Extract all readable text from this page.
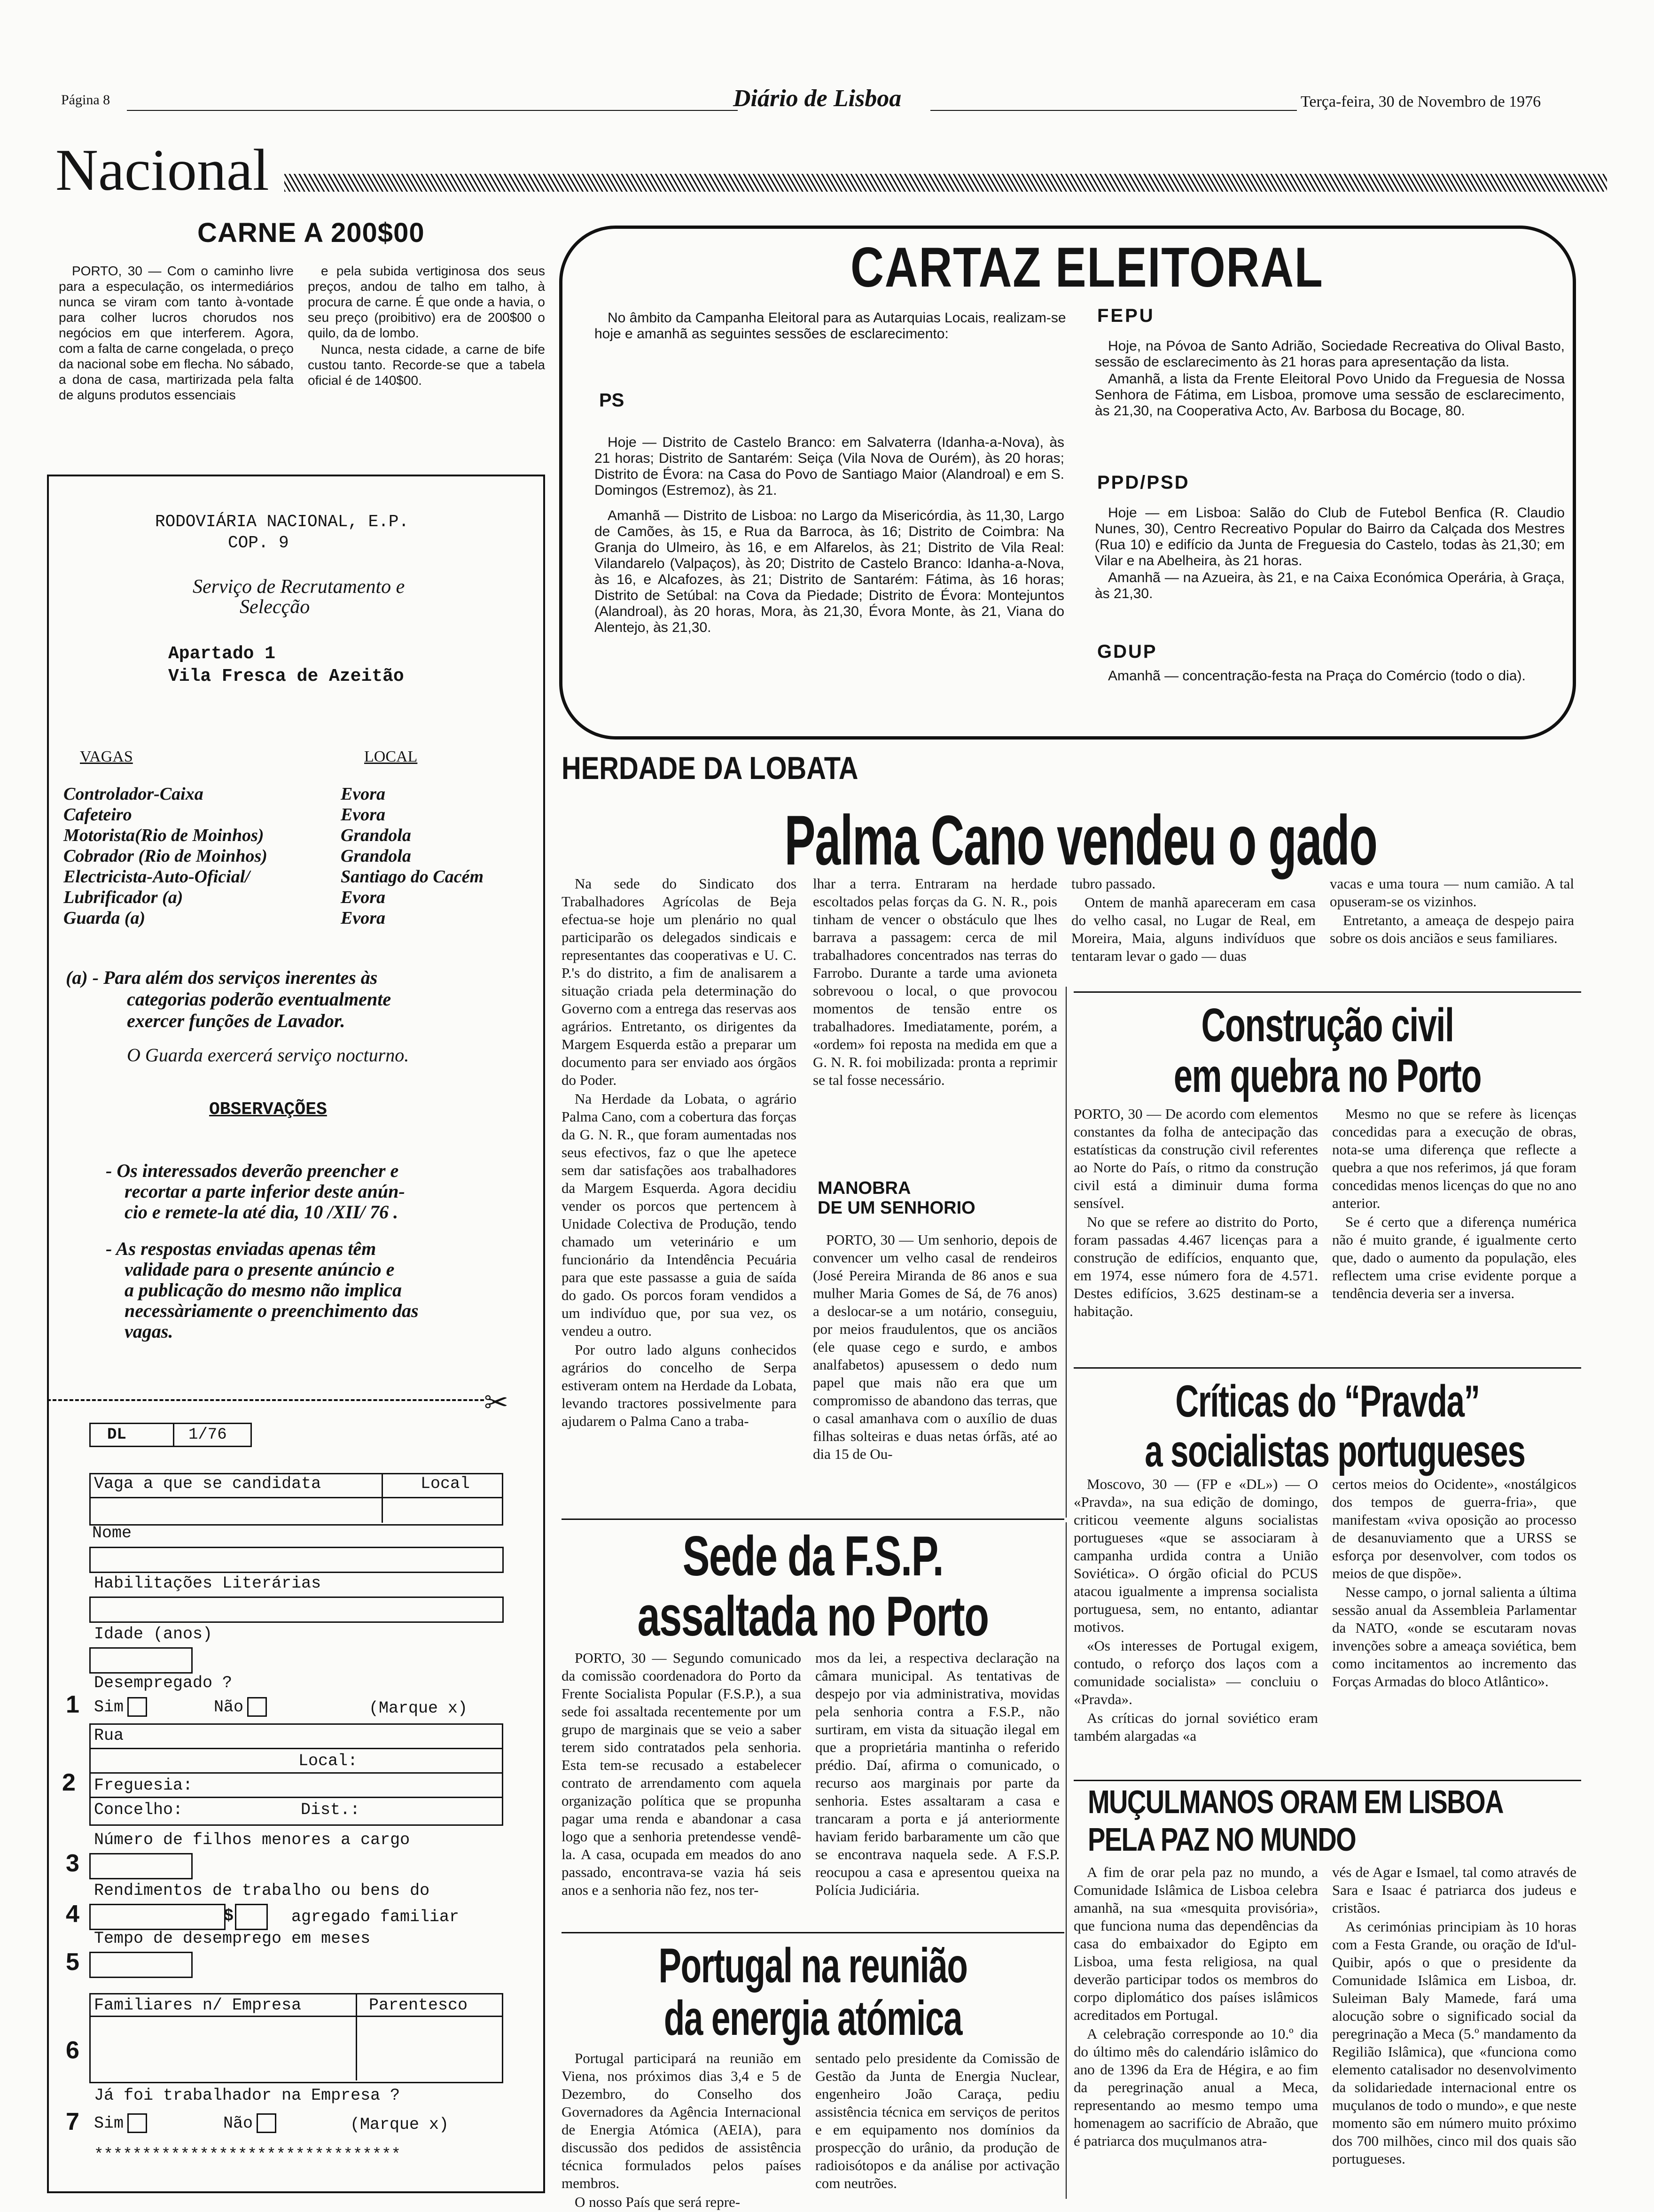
Página 8	Diário de Lisboa	Terça-feira, 30 de Novembro de 1976
Nacional
CARNE A 200$00

PORTO, 30 — Com o caminho livre para a especulação, os intermediários nunca se viram com tanto à-vontade para colher lucros chorudos nos negócios em que interferem. Agora, com a falta de carne congelada, o preço da nacional sobe em flecha. No sábado, a dona de casa, martirizada pela falta de alguns produtos essenciais

e pela subida vertiginosa dos seus preços, andou de talho em talho, à procura de carne. É que onde a havia, o seu preço (proibitivo) era de 200$00 o quilo, da de lombo.

Nunca, nesta cidade, a carne de bife custou tanto. Recorde-se que a tabela oficial é de 140$00.

RODOVIÁRIA NACIONAL, E.P.
COP. 9
Serviço de Recrutamento e
Selecção
Apartado 1
Vila Fresca de Azeitão
VAGAS	LOCAL
Controlador-Caixa	Evora
Cafeteiro	Evora
Motorista(Rio de Moinhos)	Grandola
Cobrador (Rio de Moinhos)	Grandola
Electricista-Auto-Oficial/	Santiago do Cacém
Lubrificador (a)	Evora
Guarda (a)	Evora
(a) - Para além dos serviços inerentes às
categorias poderão eventualmente
exercer funções de Lavador.
O Guarda exercerá serviço nocturno.
OBSERVAÇÕES
- Os interessados deverão preencher e
recortar a parte inferior deste anún-
cio e remete-la até dia, 10 /XII/ 76 .
- As respostas enviadas apenas têm
validade para o presente anúncio e
a publicação do mesmo não implica
necessàriamente o preenchimento das
vagas.
✂
DL	1/76
Vaga a que se candidata	Local
Nome
Habilitações Literárias
Idade (anos)
Desempregado ?
1 Sim	Não	(Marque x)
Rua
Local:
2 Freguesia:
Concelho:	Dist.:
Número de filhos menores a cargo
3
Rendimentos de trabalho ou bens do
4	$	agregado familiar
Tempo de desemprego em meses
5
Familiares n/ Empresa	Parentesco
6
Já foi trabalhador na Empresa ?
7 Sim	Não	(Marque x)
********************************
CARTAZ ELEITORAL

No âmbito da Campanha Eleitoral para as Autarquias Locais, realizam-se hoje e amanhã as seguintes sessões de esclarecimento:

PS

Hoje — Distrito de Castelo Branco: em Salvaterra (Idanha-a-Nova), às 21 horas; Distrito de Santarém: Seiça (Vila Nova de Ourém), às 20 horas; Distrito de Évora: na Casa do Povo de Santiago Maior (Alandroal) e em S. Domingos (Estremoz), às 21.

Amanhã — Distrito de Lisboa: no Largo da Misericórdia, às 11,30, Largo de Camões, às 15, e Rua da Barroca, às 16; Distrito de Coimbra: Na Granja do Ulmeiro, às 16, e em Alfarelos, às 21; Distrito de Vila Real: Vilandarelo (Valpaços), às 20; Distrito de Castelo Branco: Idanha-a-Nova, às 16, e Alcafozes, às 21; Distrito de Santarém: Fátima, às 16 horas; Distrito de Setúbal: na Cova da Piedade; Distrito de Évora: Montejuntos (Alandroal), às 20 horas, Mora, às 21,30, Évora Monte, às 21, Viana do Alentejo, às 21,30.

FEPU

Hoje, na Póvoa de Santo Adrião, Sociedade Recreativa do Olival Basto, sessão de esclarecimento às 21 horas para apresentação da lista.

Amanhã, a lista da Frente Eleitoral Povo Unido da Freguesia de Nossa Senhora de Fátima, em Lisboa, promove uma sessão de esclarecimento, às 21,30, na Cooperativa Acto, Av. Barbosa du Bocage, 80.

PPD/PSD

Hoje — em Lisboa: Salão do Club de Futebol Benfica (R. Claudio Nunes, 30), Centro Recreativo Popular do Bairro da Calçada dos Mestres (Rua 10) e edifício da Junta de Freguesia do Castelo, todas às 21,30; em Vilar e na Abelheira, às 21 horas.

Amanhã — na Azueira, às 21, e na Caixa Económica Operária, à Graça, às 21,30.

GDUP

Amanhã — concentração-festa na Praça do Comércio (todo o dia).

HERDADE DA LOBATA
Palma Cano vendeu o gado

Na sede do Sindicato dos Trabalhadores Agrícolas de Beja efectua-se hoje um plenário no qual participarão os delegados sindicais e representantes das cooperativas e U. C. P.'s do distrito, a fim de analisarem a situação criada pela determinação do Governo com a entrega das reservas aos agrários. Entretanto, os dirigentes da Margem Esquerda estão a preparar um documento para ser enviado aos órgãos do Poder.

Na Herdade da Lobata, o agrário Palma Cano, com a cobertura das forças da G. N. R., que foram aumentadas nos seus efectivos, faz o que lhe apetece sem dar satisfações aos trabalhadores da Margem Esquerda. Agora decidiu vender os porcos que pertencem à Unidade Colectiva de Produção, tendo chamado um veterinário e um funcionário da Intendência Pecuária para que este passasse a guia de saída do gado. Os porcos foram vendidos a um indivíduo que, por sua vez, os vendeu a outro.

Por outro lado alguns conhecidos agrários do concelho de Serpa estiveram ontem na Herdade da Lobata, levando tractores possivelmente para ajudarem o Palma Cano a traba-

lhar a terra. Entraram na herdade escoltados pelas forças da G. N. R., pois tinham de vencer o obstáculo que lhes barrava a passagem: cerca de mil trabalhadores concentrados nas terras do Farrobo. Durante a tarde uma avioneta sobrevoou o local, o que provocou momentos de tensão entre os trabalhadores. Imediatamente, porém, a «ordem» foi reposta na medida em que a G. N. R. foi mobilizada: pronta a reprimir se tal fosse necessário.

MANOBRA
DE UM SENHORIO

PORTO, 30 — Um senhorio, depois de convencer um velho casal de rendeiros (José Pereira Miranda de 86 anos e sua mulher Maria Gomes de Sá, de 76 anos) a deslocar-se a um notário, conseguiu, por meios fraudulentos, que os anciãos (ele quase cego e surdo, e ambos analfabetos) apusessem o dedo num papel que mais não era que um compromisso de abandono das terras, que o casal amanhava com o auxílio de duas filhas solteiras e duas netas órfãs, até ao dia 15 de Ou-

tubro passado.

Ontem de manhã apareceram em casa do velho casal, no Lugar de Real, em Moreira, Maia, alguns indivíduos que tentaram levar o gado — duas

vacas e uma toura — num camião. A tal opuseram-se os vizinhos.

Entretanto, a ameaça de despejo paira sobre os dois anciãos e seus familiares.

Construção civil
em quebra no Porto

PORTO, 30 — De acordo com elementos constantes da folha de antecipação das estatísticas da construção civil referentes ao Norte do País, o ritmo da construção civil está a diminuir duma forma sensível.

No que se refere ao distrito do Porto, foram passadas 4.467 licenças para a construção de edifícios, enquanto que, em 1974, esse número fora de 4.571. Destes edifícios, 3.625 destinam-se a habitação.

Mesmo no que se refere às licenças concedidas para a execução de obras, nota-se uma diferença que reflecte a quebra a que nos referimos, já que foram concedidas menos licenças do que no ano anterior.

Se é certo que a diferença numérica não é muito grande, é igualmente certo que, dado o aumento da população, eles reflectem uma crise evidente porque a tendência deveria ser a inversa.

Críticas do “Pravda”
a socialistas portugueses

Moscovo, 30 — (FP e «DL») — O «Pravda», na sua edição de domingo, criticou veemente alguns socialistas portugueses «que se associaram à campanha urdida contra a União Soviética». O órgão oficial do PCUS atacou igualmente a imprensa socialista portuguesa, sem, no entanto, adiantar motivos.

«Os interesses de Portugal exigem, contudo, o reforço dos laços com a comunidade socialista» — concluiu o «Pravda».

As críticas do jornal soviético eram também alargadas «a

certos meios do Ocidente», «nostálgicos dos tempos de guerra-fria», que manifestam «viva oposição ao processo de desanuviamento que a URSS se esforça por desenvolver, com todos os meios de que dispõe».

Nesse campo, o jornal salienta a última sessão anual da Assembleia Parlamentar da NATO, «onde se escutaram novas invenções sobre a ameaça soviética, bem como incitamentos ao incremento das Forças Armadas do bloco Atlântico».

Sede da F.S.P.
assaltada no Porto

PORTO, 30 — Segundo comunicado da comissão coordenadora do Porto da Frente Socialista Popular (F.S.P.), a sua sede foi assaltada recentemente por um grupo de marginais que se veio a saber terem sido contratados pela senhoria. Esta tem-se recusado a estabelecer contrato de arrendamento com aquela organização política que se propunha pagar uma renda e abandonar a casa logo que a senhoria pretendesse vendê-la. A casa, ocupada em meados do ano passado, encontrava-se vazia há seis anos e a senhoria não fez, nos ter-

mos da lei, a respectiva declaração na câmara municipal. As tentativas de despejo por via administrativa, movidas pela senhoria contra a F.S.P., não surtiram, em vista da situação ilegal em que a proprietária mantinha o referido prédio. Daí, afirma o comunicado, o recurso aos marginais por parte da senhoria. Estes assaltaram a casa e trancaram a porta e já anteriormente haviam ferido barbaramente um cão que se encontrava naquela sede. A F.S.P. reocupou a casa e apresentou queixa na Polícia Judiciária.

MUÇULMANOS ORAM EM LISBOA
PELA PAZ NO MUNDO

A fim de orar pela paz no mundo, a Comunidade Islâmica de Lisboa celebra amanhã, na sua «mesquita provisória», que funciona numa das dependências da casa do embaixador do Egipto em Lisboa, uma festa religiosa, na qual deverão participar todos os membros do corpo diplomático dos países islâmicos acreditados em Portugal.

A celebração corresponde ao 10.º dia do último mês do calendário islâmico do ano de 1396 da Era de Hégira, e ao fim da peregrinação anual a Meca, representando ao mesmo tempo uma homenagem ao sacrifício de Abraão, que é patriarca dos muçulmanos atra-

vés de Agar e Ismael, tal como através de Sara e Isaac é patriarca dos judeus e cristãos.

As cerimónias principiam às 10 horas com a Festa Grande, ou oração de Id'ul-Quibir, após o que o presidente da Comunidade Islâmica em Lisboa, dr. Suleiman Baly Mamede, fará uma alocução sobre o significado social da peregrinação a Meca (5.º mandamento da Regilião Islâmica), que «funciona como elemento catalisador no desenvolvimento da solidariedade internacional entre os muçulanos de todo o mundo», e que neste momento são em número muito próximo dos 700 milhões, cinco mil dos quais são portugueses.

Portugal na reunião
da energia atómica

Portugal participará na reunião em Viena, nos próximos dias 3,4 e 5 de Dezembro, do Conselho dos Governadores da Agência Internacional de Energia Atómica (AEIA), para discussão dos pedidos de assistência técnica formulados pelos países membros.

O nosso País que será repre-

sentado pelo presidente da Comissão de Gestão da Junta de Energia Nuclear, engenheiro João Caraça, pediu assistência técnica em serviços de peritos e em equipamento nos domínios da prospecção do urânio, da produção de radioisótopos e da análise por activação com neutrões.
